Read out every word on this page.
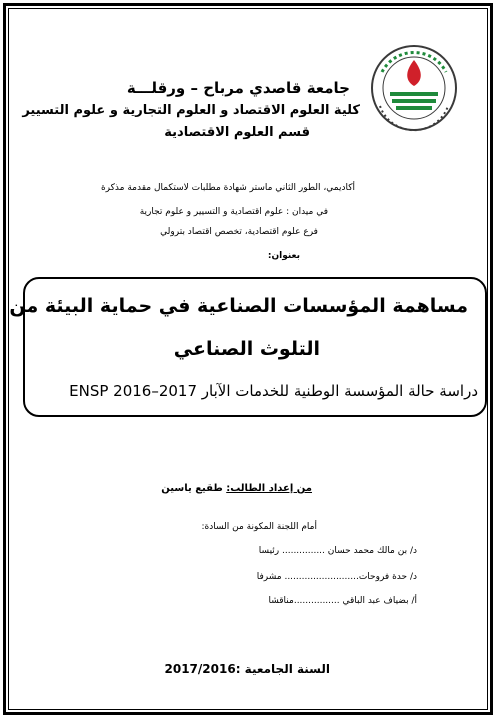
جامعة قاصدي مرباح – ورقلـــة
كلية العلوم الاقتصاد و العلوم التجارية و علوم التسيير
قسم العلوم الاقتصادية
أكاديمي، الطور الثاني ماستر شهادة مطلبات لاستكمال مقدمة مذكرة
في ميدان : علوم اقتصادية و التسيير و علوم تجارية
فرع علوم اقتصادية، تخصص اقتصاد بترولي
بعنوان:
مساهمة المؤسسات الصناعية في حماية البيئة من
التلوث الصناعي
دراسة حالة المؤسسة الوطنية للخدمات الآبار ENSP 2016–2017
من إعداد الطالب: طقيع ياسين
أمام اللجنة المكونة من السادة:
د/ بن مالك محمد حسان ............... رئيسا
د/ حدة فروحات.......................... مشرفا
أ/ بضياف عبد الباقي ................مناقشا
السنة الجامعية :2017/2016
